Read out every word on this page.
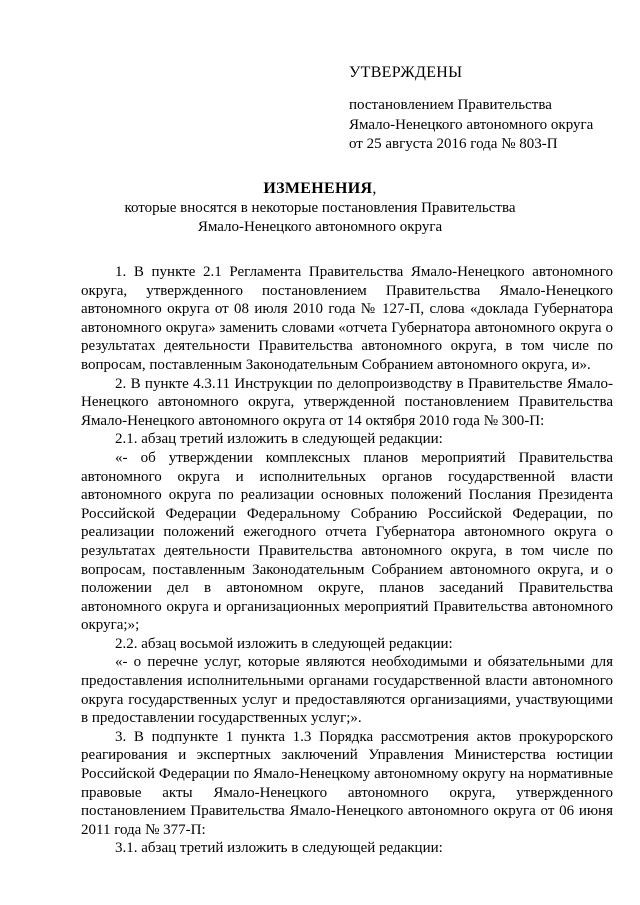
УТВЕРЖДЕНЫ
постановлением Правительства
Ямало-Ненецкого автономного округа
от 25 августа 2016 года № 803-П
ИЗМЕНЕНИЯ,
которые вносятся в некоторые постановления Правительства
Ямало-Ненецкого автономного округа

1. В пункте 2.1 Регламента Правительства Ямало-Ненецкого автономного округа, утвержденного постановлением Правительства Ямало-Ненецкого автономного округа от 08 июля 2010 года № 127-П, слова «доклада Губернатора автономного округа» заменить словами «отчета Губернатора автономного округа о результатах деятельности Правительства автономного округа, в том числе по вопросам, поставленным Законодательным Собранием автономного округа, и».

2. В пункте 4.3.11 Инструкции по делопроизводству в Правительстве Ямало-Ненецкого автономного округа, утвержденной постановлением Правительства Ямало-Ненецкого автономного округа от 14 октября 2010 года № 300-П:

2.1. абзац третий изложить в следующей редакции:

«- об утверждении комплексных планов мероприятий Правительства автономного округа и исполнительных органов государственной власти автономного округа по реализации основных положений Послания Президента Российской Федерации Федеральному Собранию Российской Федерации, по реализации положений ежегодного отчета Губернатора автономного округа о результатах деятельности Правительства автономного округа, в том числе по вопросам, поставленным Законодательным Собранием автономного округа, и о положении дел в автономном округе, планов заседаний Правительства автономного округа и организационных мероприятий Правительства автономного округа;»;

2.2. абзац восьмой изложить в следующей редакции:

«- о перечне услуг, которые являются необходимыми и обязательными для предоставления исполнительными органами государственной власти автономного округа государственных услуг и предоставляются организациями, участвующими в предоставлении государственных услуг;».

3. В подпункте 1 пункта 1.3 Порядка рассмотрения актов прокурорского реагирования и экспертных заключений Управления Министерства юстиции Российской Федерации по Ямало-Ненецкому автономному округу на нормативные правовые акты Ямало-Ненецкого автономного округа, утвержденного постановлением Правительства Ямало-Ненецкого автономного округа от 06 июня 2011 года № 377-П:

3.1. абзац третий изложить в следующей редакции:
